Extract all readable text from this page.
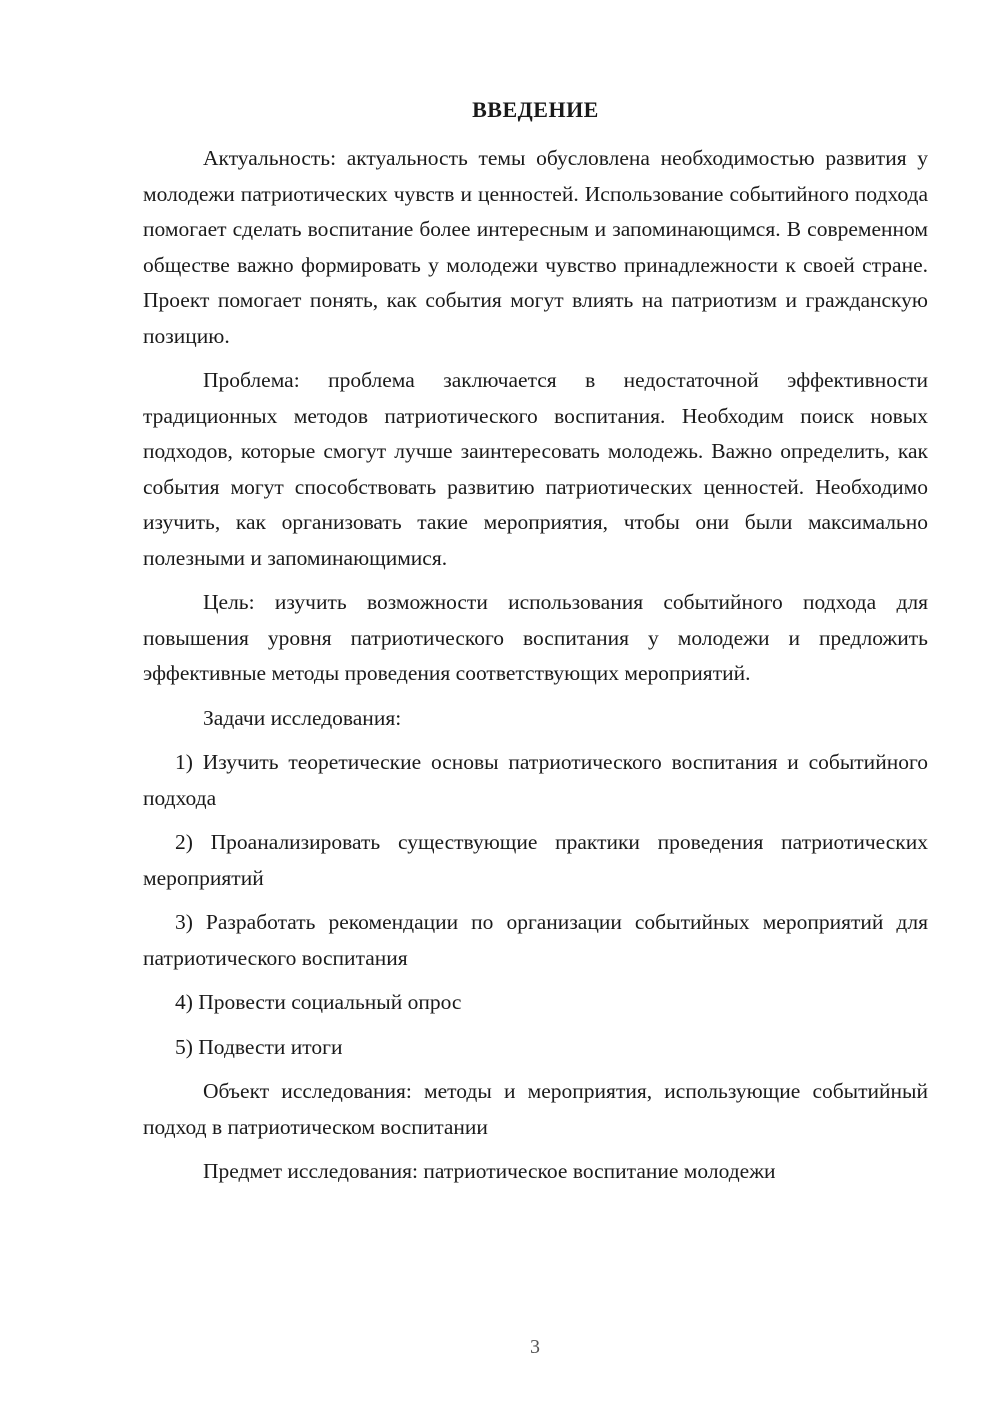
ВВЕДЕНИЕ

Актуальность: актуальность темы обусловлена необходимостью развития у молодежи патриотических чувств и ценностей. Использование событийного подхода помогает сделать воспитание более интересным и запоминающимся. В современном обществе важно формировать у молодежи чувство принадлежности к своей стране. Проект помогает понять, как события могут влиять на патриотизм и гражданскую позицию.

Проблема: проблема заключается в недостаточной эффективности традиционных методов патриотического воспитания. Необходим поиск новых подходов, которые смогут лучше заинтересовать молодежь. Важно определить, как события могут способствовать развитию патриотических ценностей. Необходимо изучить, как организовать такие мероприятия, чтобы они были максимально полезными и запоминающимися.

Цель: изучить возможности использования событийного подхода для повышения уровня патриотического воспитания у молодежи и предложить эффективные методы проведения соответствующих мероприятий.

Задачи исследования:

1) Изучить теоретические основы патриотического воспитания и событийного подхода

2) Проанализировать существующие практики проведения патриотических мероприятий

3) Разработать рекомендации по организации событийных мероприятий для патриотического воспитания

4) Провести социальный опрос

5) Подвести итоги

Объект исследования: методы и мероприятия, использующие событийный подход в патриотическом воспитании

Предмет исследования: патриотическое воспитание молодежи

3
